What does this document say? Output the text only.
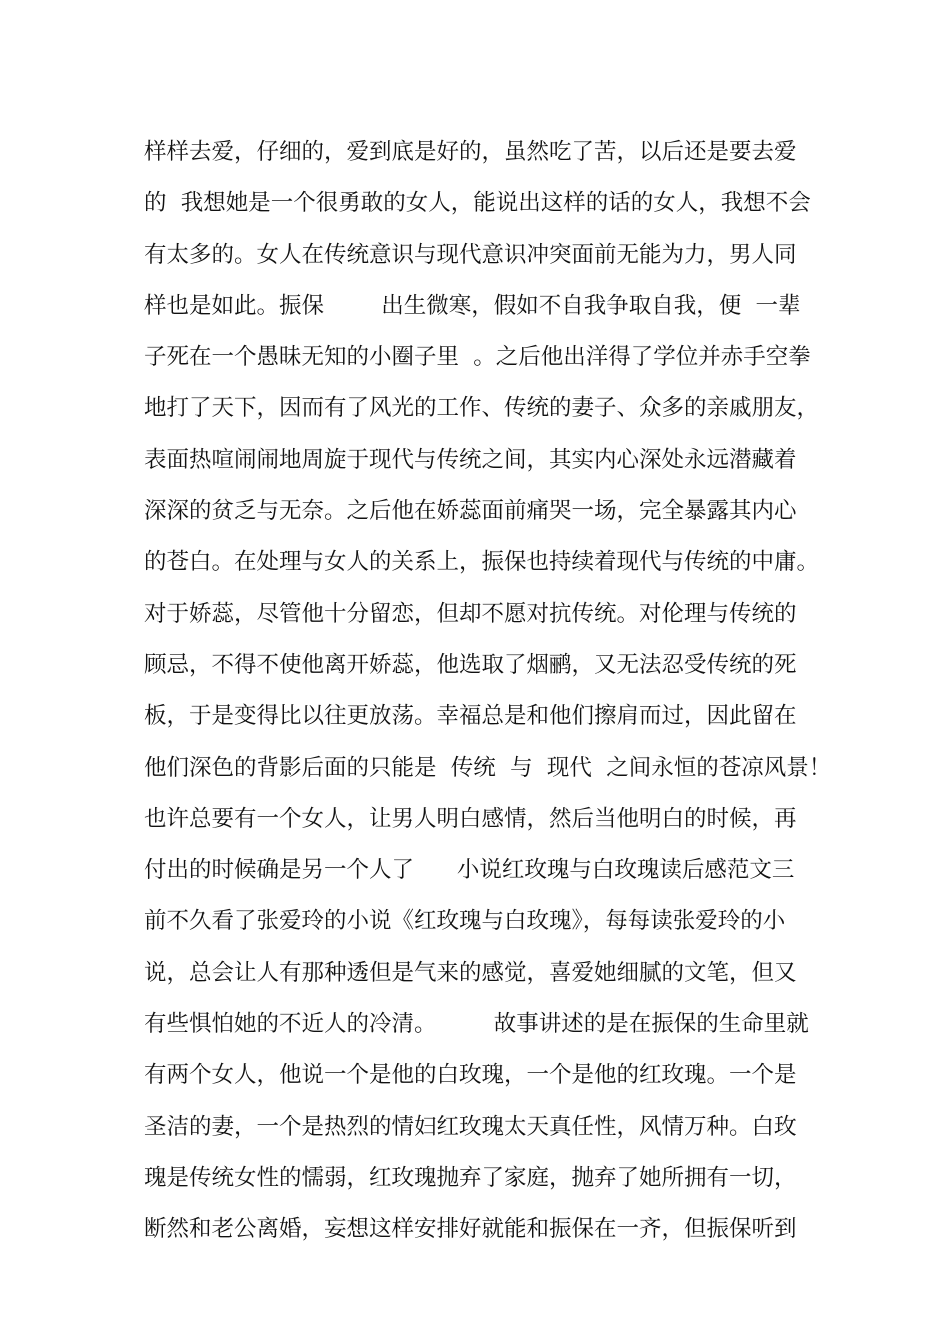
样样去爱，仔细的，爱到底是好的，虽然吃了苦，以后还是要去爱
的  我想她是一个很勇敢的女人，能说出这样的话的女人，我想不会
有太多的。女人在传统意识与现代意识冲突面前无能为力，男人同
样也是如此。振保        出生微寒，假如不自我争取自我，便  一辈
子死在一个愚昧无知的小圈子里  。之后他出洋得了学位并赤手空拳
地打了天下，因而有了风光的工作、传统的妻子、众多的亲戚朋友，
表面热喧闹闹地周旋于现代与传统之间，其实内心深处永远潜藏着
深深的贫乏与无奈。之后他在娇蕊面前痛哭一场，完全暴露其内心
的苍白。在处理与女人的关系上，振保也持续着现代与传统的中庸。
对于娇蕊，尽管他十分留恋，但却不愿对抗传统。对伦理与传统的
顾忌，不得不使他离开娇蕊，他选取了烟鹂，又无法忍受传统的死
板，于是变得比以往更放荡。幸福总是和他们擦肩而过，因此留在
他们深色的背影后面的只能是  传统  与  现代  之间永恒的苍凉风景！
也许总要有一个女人，让男人明白感情，然后当他明白的时候，再
付出的时候确是另一个人了      小说红玫瑰与白玫瑰读后感范文三
前不久看了张爱玲的小说《红玫瑰与白玫瑰》，每每读张爱玲的小
说，总会让人有那种透但是气来的感觉，喜爱她细腻的文笔，但又
有些惧怕她的不近人的冷清。        故事讲述的是在振保的生命里就
有两个女人，他说一个是他的白玫瑰，一个是他的红玫瑰。一个是
圣洁的妻，一个是热烈的情妇红玫瑰太天真任性，风情万种。白玫
瑰是传统女性的懦弱，红玫瑰抛弃了家庭，抛弃了她所拥有一切，
断然和老公离婚，妄想这样安排好就能和振保在一齐，但振保听到
